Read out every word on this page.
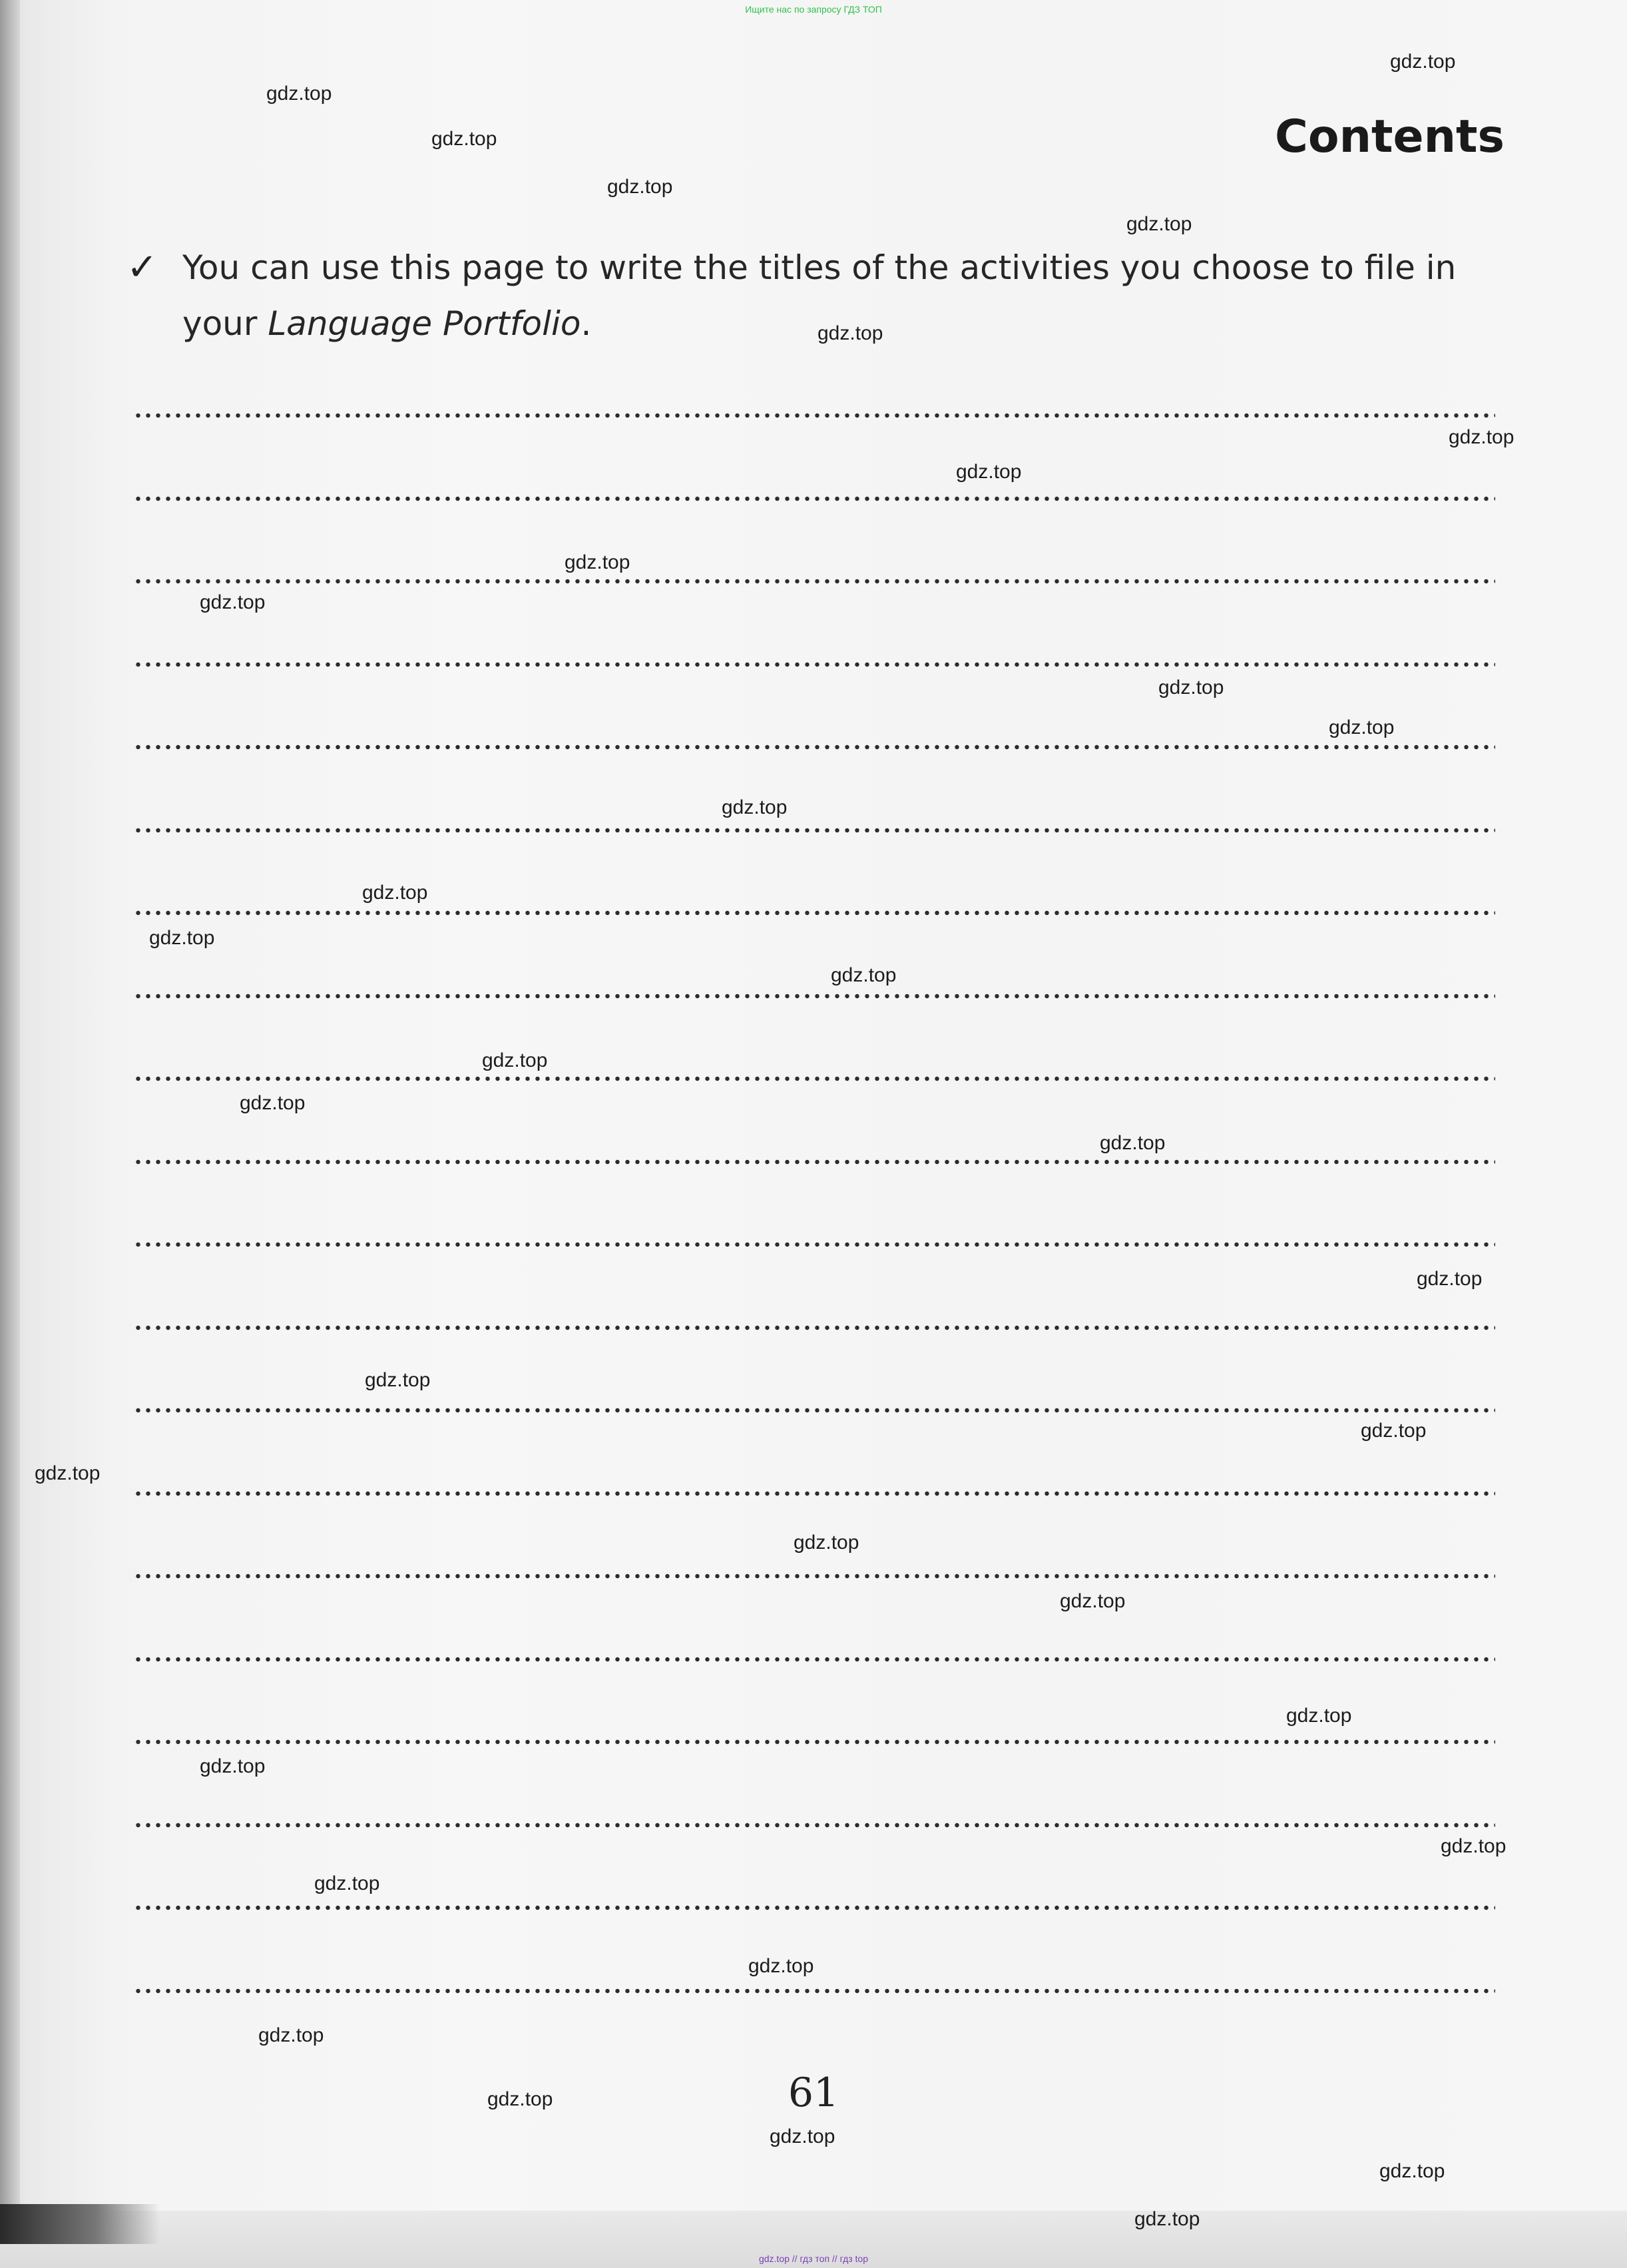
Ищите нас по запросу ГДЗ ТОП
Contents
✓ You can use this page to write the titles of the activities you choose to file in your Language Portfolio.
61
gdz.top
gdz.top
gdz.top
gdz.top
gdz.top
gdz.top
gdz.top
gdz.top
gdz.top
gdz.top
gdz.top
gdz.top
gdz.top
gdz.top
gdz.top
gdz.top
gdz.top
gdz.top
gdz.top
gdz.top
gdz.top
gdz.top
gdz.top
gdz.top
gdz.top
gdz.top
gdz.top
gdz.top
gdz.top
gdz.top
gdz.top
gdz.top
gdz.top
gdz.top
gdz.top
gdz.top // гдз топ // гдз top
